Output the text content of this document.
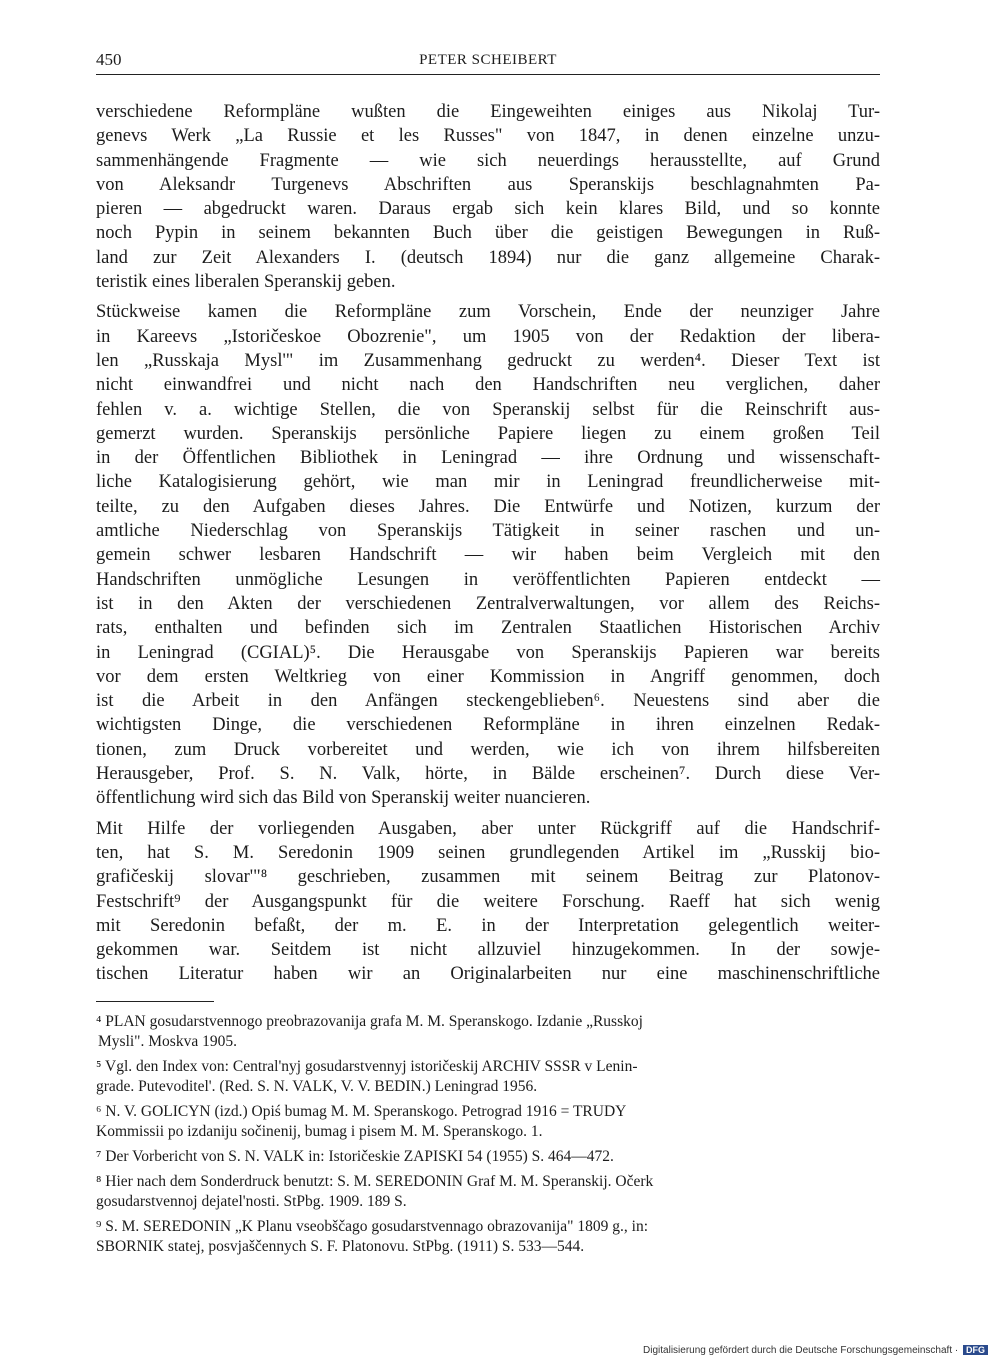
450	PETER SCHEIBERT
verschiedene Reformpläne wußten die Eingeweihten einiges aus Nikolaj Tur-
genevs Werk „La Russie et les Russes" von 1847, in denen einzelne unzu-
sammenhängende Fragmente — wie sich neuerdings herausstellte, auf Grund
von Aleksandr Turgenevs Abschriften aus Speranskijs beschlagnahmten Pa-
pieren — abgedruckt waren. Daraus ergab sich kein klares Bild, und so konnte
noch Pypin in seinem bekannten Buch über die geistigen Bewegungen in Ruß-
land zur Zeit Alexanders I. (deutsch 1894) nur die ganz allgemeine Charak-
teristik eines liberalen Speranskij geben.
Stückweise kamen die Reformpläne zum Vorschein, Ende der neunziger Jahre
in Kareevs „Istoričeskoe Obozrenie", um 1905 von der Redaktion der libera-
len „Russkaja Mysl'" im Zusammenhang gedruckt zu werden⁴. Dieser Text ist
nicht einwandfrei und nicht nach den Handschriften neu verglichen, daher
fehlen v. a. wichtige Stellen, die von Speranskij selbst für die Reinschrift aus-
gemerzt wurden. Speranskijs persönliche Papiere liegen zu einem großen Teil
in der Öffentlichen Bibliothek in Leningrad — ihre Ordnung und wissenschaft-
liche Katalogisierung gehört, wie man mir in Leningrad freundlicherweise mit-
teilte, zu den Aufgaben dieses Jahres. Die Entwürfe und Notizen, kurzum der
amtliche Niederschlag von Speranskijs Tätigkeit in seiner raschen und un-
gemein schwer lesbaren Handschrift — wir haben beim Vergleich mit den
Handschriften unmögliche Lesungen in veröffentlichten Papieren entdeckt —
ist in den Akten der verschiedenen Zentralverwaltungen, vor allem des Reichs-
rats, enthalten und befinden sich im Zentralen Staatlichen Historischen Archiv
in Leningrad (CGIAL)⁵. Die Herausgabe von Speranskijs Papieren war bereits
vor dem ersten Weltkrieg von einer Kommission in Angriff genommen, doch
ist die Arbeit in den Anfängen steckengeblieben⁶. Neuestens sind aber die
wichtigsten Dinge, die verschiedenen Reformpläne in ihren einzelnen Redak-
tionen, zum Druck vorbereitet und werden, wie ich von ihrem hilfsbereiten
Herausgeber, Prof. S. N. Valk, hörte, in Bälde erscheinen⁷. Durch diese Ver-
öffentlichung wird sich das Bild von Speranskij weiter nuancieren.
Mit Hilfe der vorliegenden Ausgaben, aber unter Rückgriff auf die Handschrif-
ten, hat S. M. Seredonin 1909 seinen grundlegenden Artikel im „Russkij bio-
grafičeskij slovar'"⁸ geschrieben, zusammen mit seinem Beitrag zur Platonov-
Festschrift⁹ der Ausgangspunkt für die weitere Forschung. Raeff hat sich wenig
mit Seredonin befaßt, der m. E. in der Interpretation gelegentlich weiter-
gekommen war. Seitdem ist nicht allzuviel hinzugekommen. In der sowje-
tischen Literatur haben wir an Originalarbeiten nur eine maschinenschriftliche
⁴ PLAN gosudarstvennogo preobrazovanija grafa M. M. Speranskogo. Izdanie „Russkoj
Mysli". Moskva 1905.
⁵ Vgl. den Index von: Central'nyj gosudarstvennyj istoričeskij ARCHIV SSSR v Lenin-
grade. Putevoditel'. (Red. S. N. VALK, V. V. BEDIN.) Leningrad 1956.
⁶ N. V. GOLICYN (izd.) Opiś bumag M. M. Speranskogo. Petrograd 1916 = TRUDY
Kommissii po izdaniju sočinenij, bumag i pisem M. M. Speranskogo. 1.
⁷ Der Vorbericht von S. N. VALK in: Istoričeskie ZAPISKI 54 (1955) S. 464—472.
⁸ Hier nach dem Sonderdruck benutzt: S. M. SEREDONIN Graf M. M. Speranskij. Očerk
gosudarstvennoj dejatel'nosti. StPbg. 1909. 189 S.
⁹ S. M. SEREDONIN „K Planu vseobščago gosudarstvennago obrazovanija" 1809 g., in:
SBORNIK statej, posvjaščennych S. F. Platonovu. StPbg. (1911) S. 533—544.
Digitalisierung gefördert durch die Deutsche Forschungsgemeinschaft · DFG
